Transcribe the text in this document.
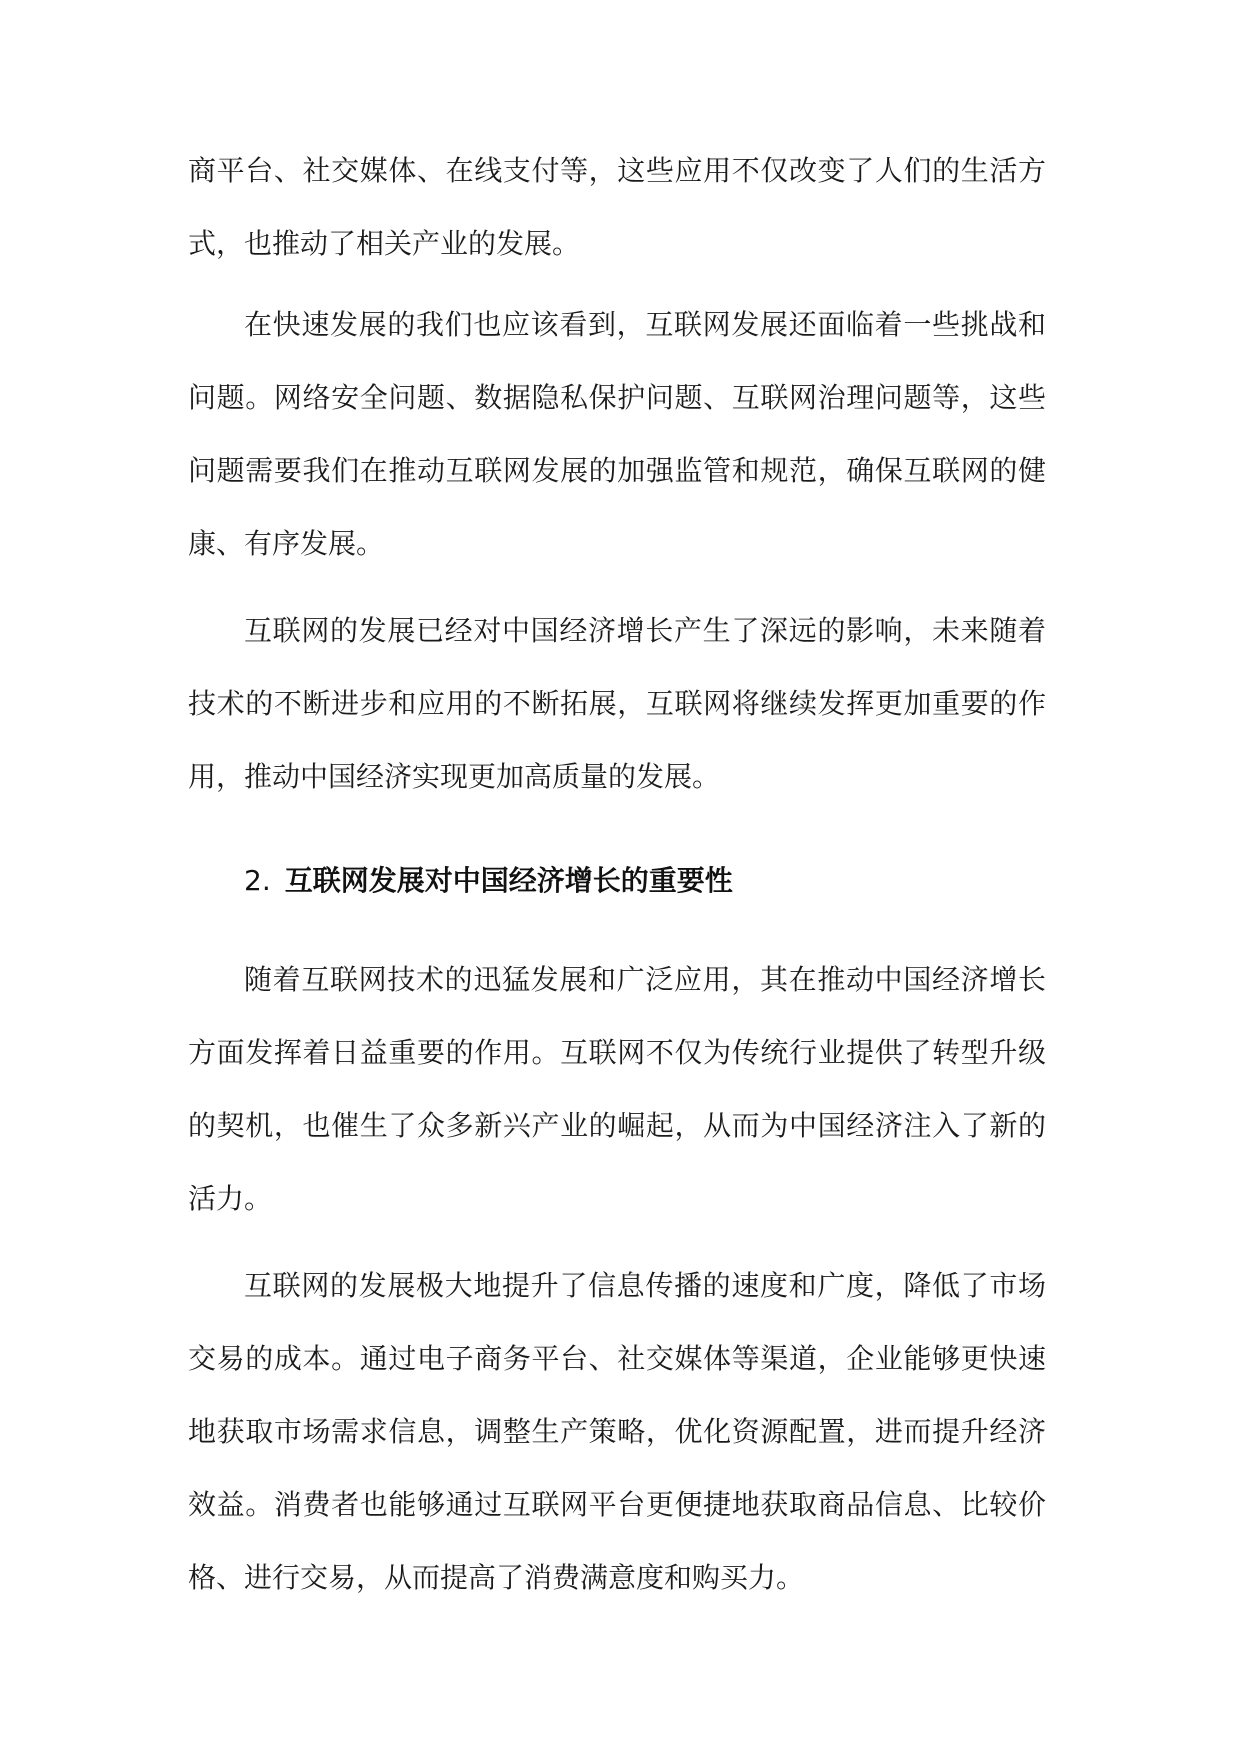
商平台、社交媒体、在线支付等，这些应用不仅改变了人们的生活方式，也推动了相关产业的发展。

在快速发展的我们也应该看到，互联网发展还面临着一些挑战和问题。网络安全问题、数据隐私保护问题、互联网治理问题等，这些问题需要我们在推动互联网发展的加强监管和规范，确保互联网的健康、有序发展。

互联网的发展已经对中国经济增长产生了深远的影响，未来随着技术的不断进步和应用的不断拓展，互联网将继续发挥更加重要的作用，推动中国经济实现更加高质量的发展。

2. 互联网发展对中国经济增长的重要性

随着互联网技术的迅猛发展和广泛应用，其在推动中国经济增长方面发挥着日益重要的作用。互联网不仅为传统行业提供了转型升级的契机，也催生了众多新兴产业的崛起，从而为中国经济注入了新的活力。

互联网的发展极大地提升了信息传播的速度和广度，降低了市场交易的成本。通过电子商务平台、社交媒体等渠道，企业能够更快速地获取市场需求信息，调整生产策略，优化资源配置，进而提升经济效益。消费者也能够通过互联网平台更便捷地获取商品信息、比较价格、进行交易，从而提高了消费满意度和购买力。
